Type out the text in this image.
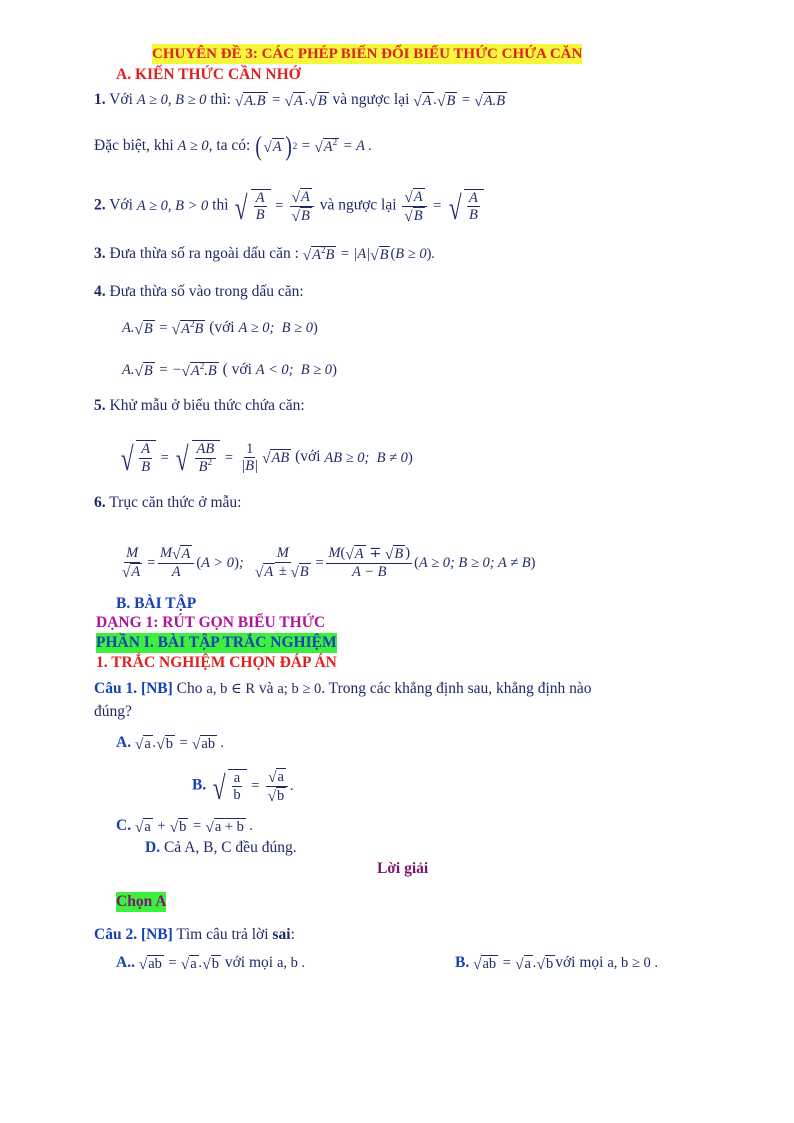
CHUYÊN ĐỀ 3: CÁC PHÉP BIẾN ĐỔI BIỂU THỨC CHỨA CĂN
A. KIẾN THỨC CẦN NHỚ
1. Với A ≥ 0, B ≥ 0 thì: √ A.B = √ A . √ B và ngược lại √ A . √ B = √ A.B
Đặc biệt, khi A ≥ 0, ta có: ( √ A ) 2 = √ $A^2 = A$ .
2. Với A ≥ 0, B > 0 thì √ $\frac{A}{B} = \frac{√ A}{√ B}$ và ngược lại $\frac{√ A}{√ B}$ = √ $\frac{A}{B}$
3. Đưa thừa số ra ngoài dấu căn : √ $A^2B = |A|$ √ B ( B ≥ 0 ) .
4. Đưa thừa số vào trong dấu căn:
A. √ B = √ $A^2B$ (với A ≥ 0;  B ≥ 0 )
A. √ B = − √ $A^2.B$ ( với A < 0;  B ≥ 0 )
5. Khử mẫu ở biểu thức chứa căn:
√ $\frac{A}{B}$ = √ $\frac{AB}{B^2} = \frac{1}{|B|}$ √ AB (với AB ≥ 0;  B ≠ 0 )
6. Trục căn thức ở mẫu:
$\frac{M}{√ A} = \frac{M √ A}{A}$ ( A > 0 ) ; $\frac{M}{√ A \pm √ B} = \frac{M( √ A \mp √ B )}{A - B}$ ( A ≥ 0; B ≥ 0; A ≠ B )
B. BÀI TẬP
DẠNG 1: RÚT GỌN BIỂU THỨC
PHẦN I. BÀI TẬP TRẮC NGHIỆM
1. TRẮC NGHIỆM CHỌN ĐÁP ÁN
Câu 1. [NB] Cho a, b ∈ R và a; b ≥ 0 . Trong các khẳng định sau, khẳng định nào
đúng?
A. √ a . √ b = √ ab .
B. √ $\frac{a}{b} = \frac{√ a}{√ b}$ .
C. √ a + √ b = √ a + b .
D. Cả A, B, C đều đúng.
Lời giải
Chọn A
Câu 2. [NB] Tìm câu trả lời sai:
A.. √ ab = √ a . √ b với mọi a, b .	B. √ ab = √ a . √ b với mọi a, b ≥ 0 .
